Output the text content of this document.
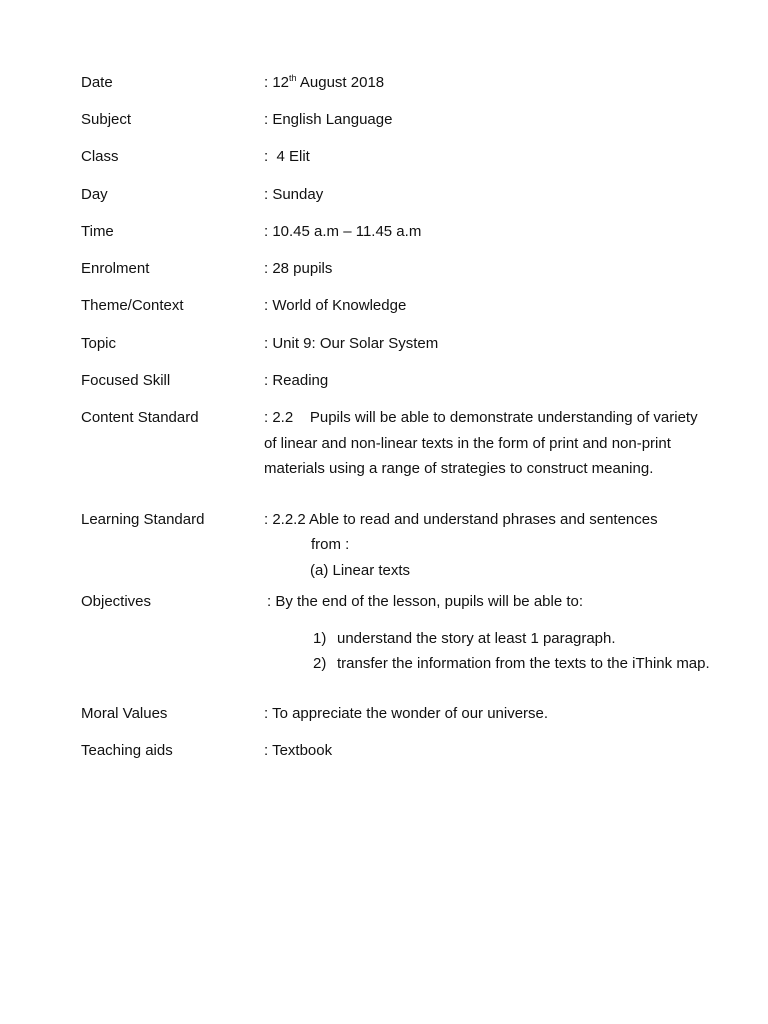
Date	: 12th August 2018
Subject	: English Language
Class	:  4 Elit
Day	: Sunday
Time	: 10.45 a.m – 11.45 a.m
Enrolment	: 28 pupils
Theme/Context	: World of Knowledge
Topic	: Unit 9: Our Solar System
Focused Skill	: Reading
Content Standard	: 2.2    Pupils will be able to demonstrate understanding of variety
of linear and non-linear texts in the form of print and non-print
materials using a range of strategies to construct meaning.
Learning Standard	: 2.2.2 Able to read and understand phrases and sentences
from :
(a) Linear texts
Objectives	: By the end of the lesson, pupils will be able to:
1) understand the story at least 1 paragraph.
2) transfer the information from the texts to the iThink map.
Moral Values	: To appreciate the wonder of our universe.
Teaching aids	: Textbook
